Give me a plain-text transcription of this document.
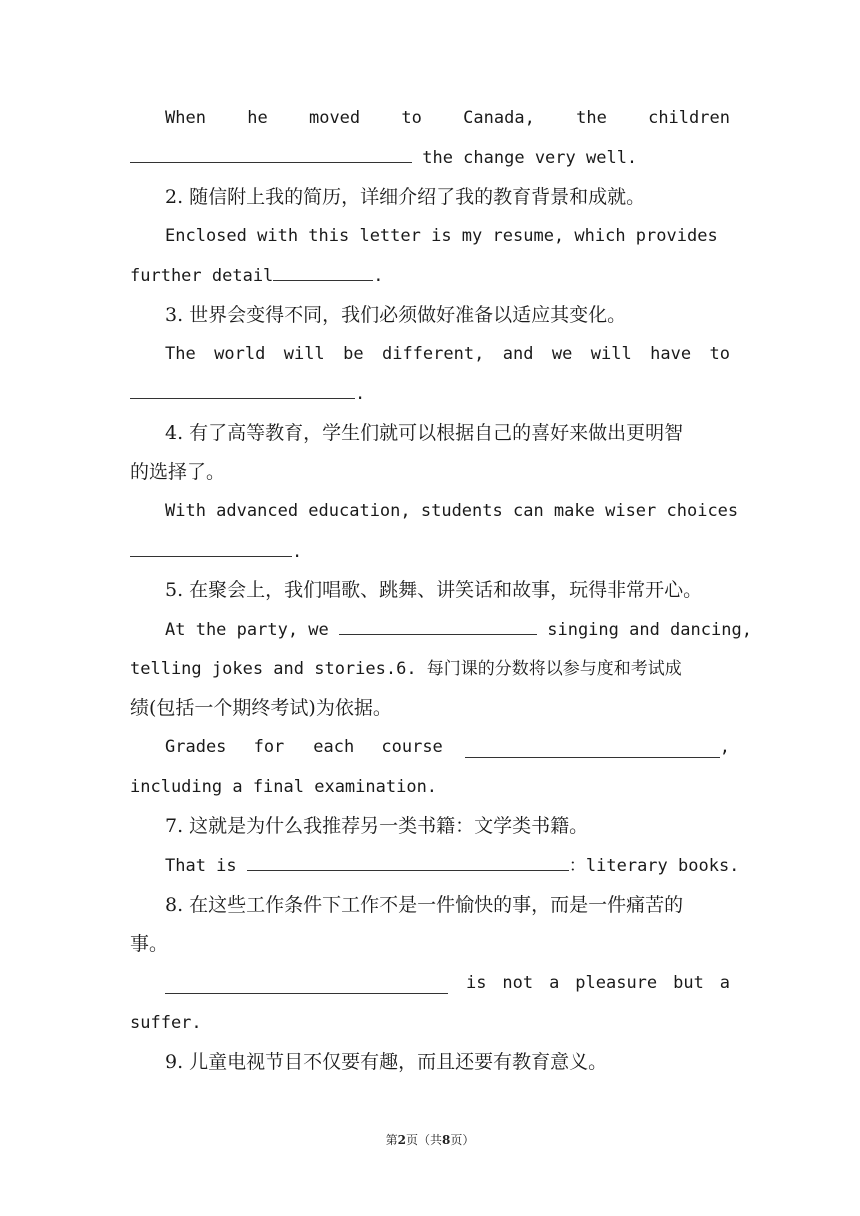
When he moved to Canada, the children
the change very well.
2. 随信附上我的简历，详细介绍了我的教育背景和成就。
Enclosed with this letter is my resume, which provides
further detail	.
3. 世界会变得不同，我们必须做好准备以适应其变化。
The world will be different, and we will have to
.
4. 有了高等教育，学生们就可以根据自己的喜好来做出更明智
的选择了。
With advanced education, students can make wiser choices
.
5. 在聚会上，我们唱歌、跳舞、讲笑话和故事，玩得非常开心。
At the party, we	singing and dancing,
telling jokes and stories.6. 每门课的分数将以参与度和考试成
绩(包括一个期终考试)为依据。
Grades for each course	,
including a final examination.
7. 这就是为什么我推荐另一类书籍：文学类书籍。
That is	：literary books.
8. 在这些工作条件下工作不是一件愉快的事，而是一件痛苦的
事。
is not a pleasure but a
suffer.
9. 儿童电视节目不仅要有趣，而且还要有教育意义。
第2页（共8页）
